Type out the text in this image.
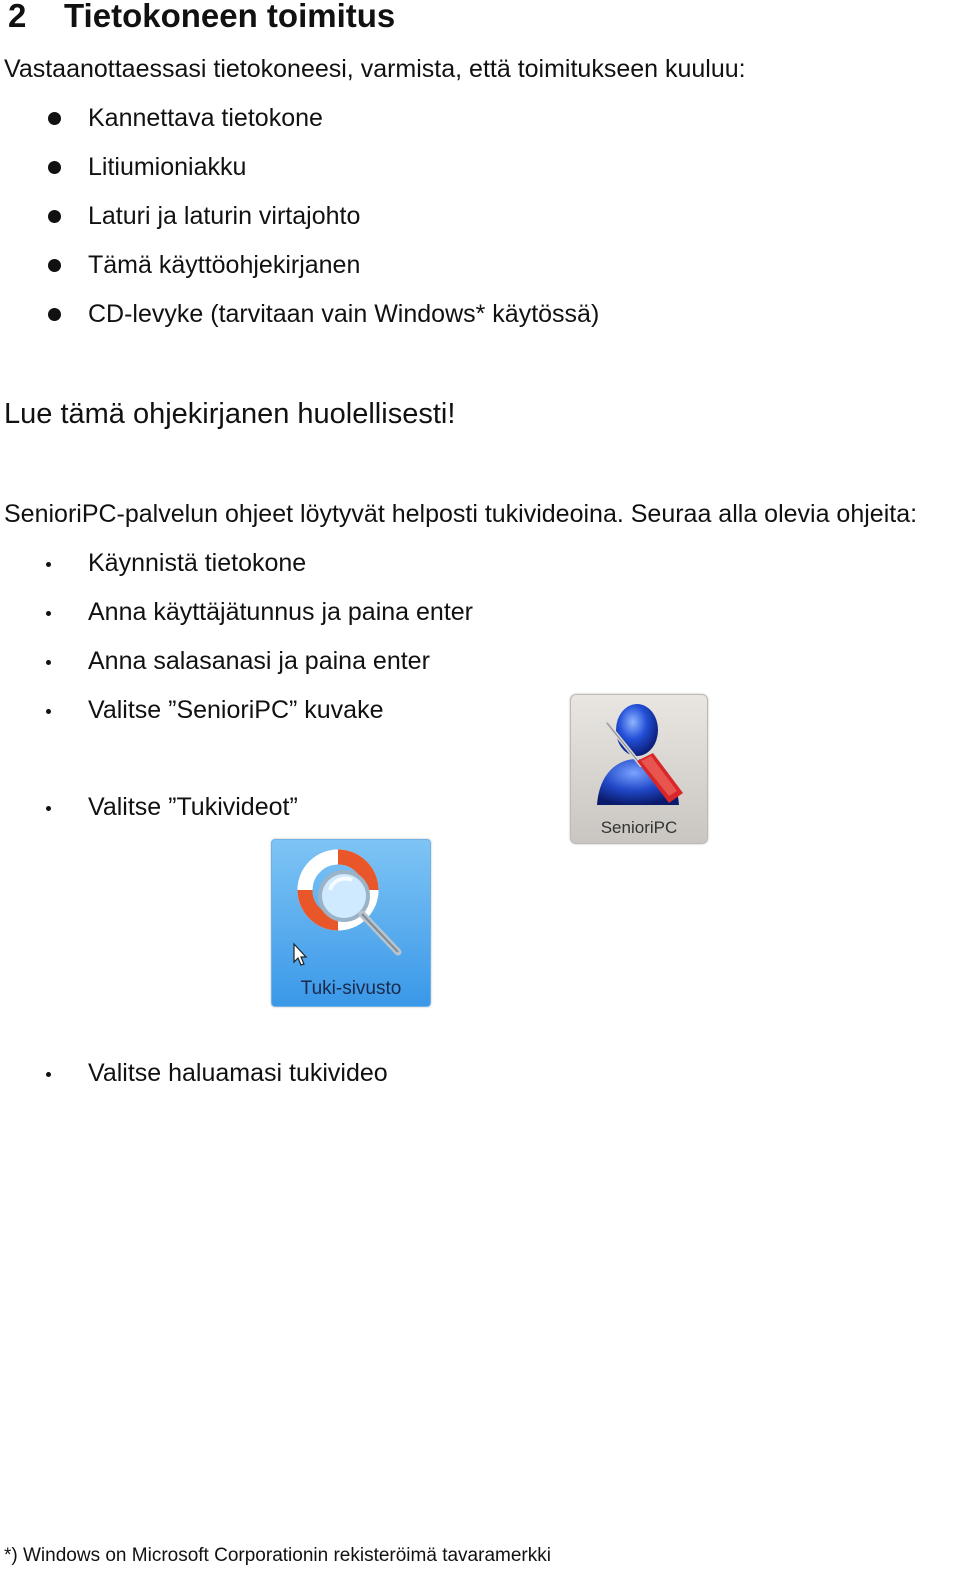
2 Tietokoneen toimitus
Vastaanottaessasi tietokoneesi, varmista, että toimitukseen kuuluu:
Kannettava tietokone
Litiumioniakku
Laturi ja laturin virtajohto
Tämä käyttöohjekirjanen
CD-levyke (tarvitaan vain Windows* käytössä)
Lue tämä ohjekirjanen huolellisesti!
SenioriPC-palvelun ohjeet löytyvät helposti tukivideoina. Seuraa alla olevia ohjeita:
Käynnistä tietokone
Anna käyttäjätunnus ja paina enter
Anna salasanasi ja paina enter
Valitse ”SenioriPC” kuvake
Valitse ”Tukivideot”
Valitse haluamasi tukivideo
SenioriPC
Tuki-sivusto
*) Windows on Microsoft Corporationin rekisteröimä tavaramerkki
